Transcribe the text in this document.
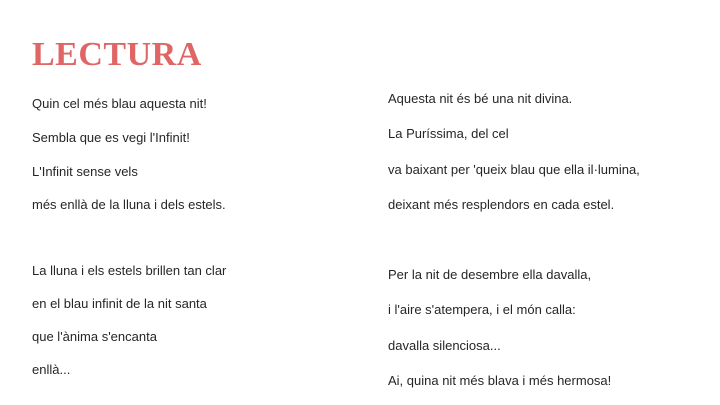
LECTURA
Quin cel més blau aquesta nit!
Sembla que es vegi l'Infinit!
L'Infinit sense vels
més enllà de la lluna i dels estels.
La lluna i els estels brillen tan clar
en el blau infinit de la nit santa
que l'ànima s'encanta
enllà...
Aquesta nit és bé una nit divina.
La Puríssima, del cel
va baixant per 'queix blau que ella il·lumina,
deixant més resplendors en cada estel.
Per la nit de desembre ella davalla,
i l'aire s'atempera, i el món calla:
davalla silenciosa...
Ai, quina nit més blava i més hermosa!
